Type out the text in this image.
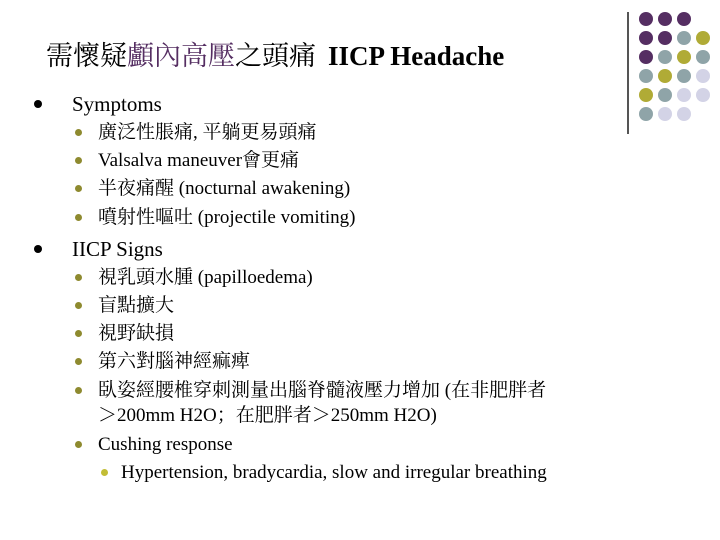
需懷疑顱內高壓之頭痛 IICP Headache
Symptoms
廣泛性脹痛, 平躺更易頭痛
Valsalva maneuver會更痛
半夜痛醒 (nocturnal awakening)
噴射性嘔吐 (projectile vomiting)
IICP Signs
視乳頭水腫 (papilloedema)
盲點擴大
視野缺損
第六對腦神經痲痺
臥姿經腰椎穿刺測量出腦脊髓液壓力增加 (在非肥胖者
＞200mm H2O；在肥胖者＞250mm H2O)
Cushing response
Hypertension, bradycardia, slow and irregular breathing
